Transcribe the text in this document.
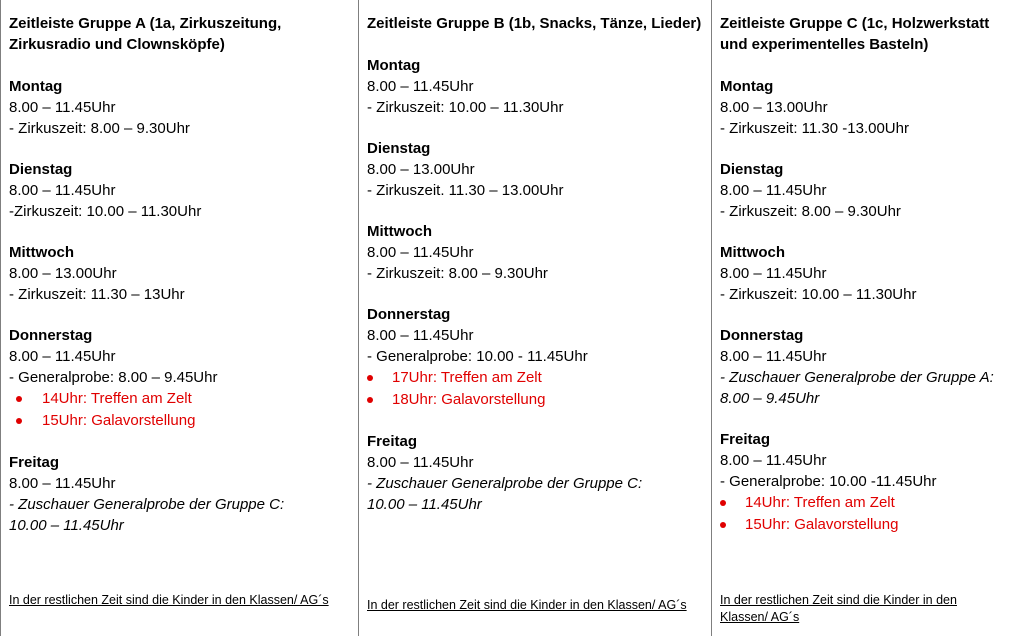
Zeitleiste Gruppe A (1a, Zirkuszeitung, Zirkusradio und Clownsköpfe)
Montag
8.00 – 11.45Uhr
- Zirkuszeit: 8.00 – 9.30Uhr
Dienstag
8.00 – 11.45Uhr
-Zirkuszeit: 10.00 – 11.30Uhr
Mittwoch
8.00 – 13.00Uhr
- Zirkuszeit: 11.30 – 13Uhr
Donnerstag
8.00 – 11.45Uhr
- Generalprobe: 8.00 – 9.45Uhr
14Uhr: Treffen am Zelt
15Uhr: Galavorstellung
Freitag
8.00 – 11.45Uhr
- Zuschauer Generalprobe der Gruppe C:
10.00 – 11.45Uhr
In der restlichen Zeit sind die Kinder in den Klassen/ AG´s
Zeitleiste Gruppe B (1b, Snacks, Tänze, Lieder)
Montag
8.00 – 11.45Uhr
- Zirkuszeit: 10.00 – 11.30Uhr
Dienstag
8.00 – 13.00Uhr
- Zirkuszeit. 11.30 – 13.00Uhr
Mittwoch
8.00 – 11.45Uhr
- Zirkuszeit: 8.00 – 9.30Uhr
Donnerstag
8.00 – 11.45Uhr
- Generalprobe: 10.00 - 11.45Uhr
17Uhr: Treffen am Zelt
18Uhr: Galavorstellung
Freitag
8.00 – 11.45Uhr
- Zuschauer Generalprobe der Gruppe C:
10.00 – 11.45Uhr
In der restlichen Zeit sind die Kinder in den Klassen/ AG´s
Zeitleiste Gruppe C (1c, Holzwerkstatt und experimentelles Basteln)
Montag
8.00 – 13.00Uhr
- Zirkuszeit: 11.30 -13.00Uhr
Dienstag
8.00 – 11.45Uhr
- Zirkuszeit: 8.00 – 9.30Uhr
Mittwoch
8.00 – 11.45Uhr
- Zirkuszeit: 10.00 – 11.30Uhr
Donnerstag
8.00 – 11.45Uhr
- Zuschauer Generalprobe der Gruppe A:
8.00 – 9.45Uhr
Freitag
8.00 – 11.45Uhr
- Generalprobe: 10.00 -11.45Uhr
14Uhr: Treffen am Zelt
15Uhr: Galavorstellung
In der restlichen Zeit sind die Kinder in den Klassen/ AG´s
